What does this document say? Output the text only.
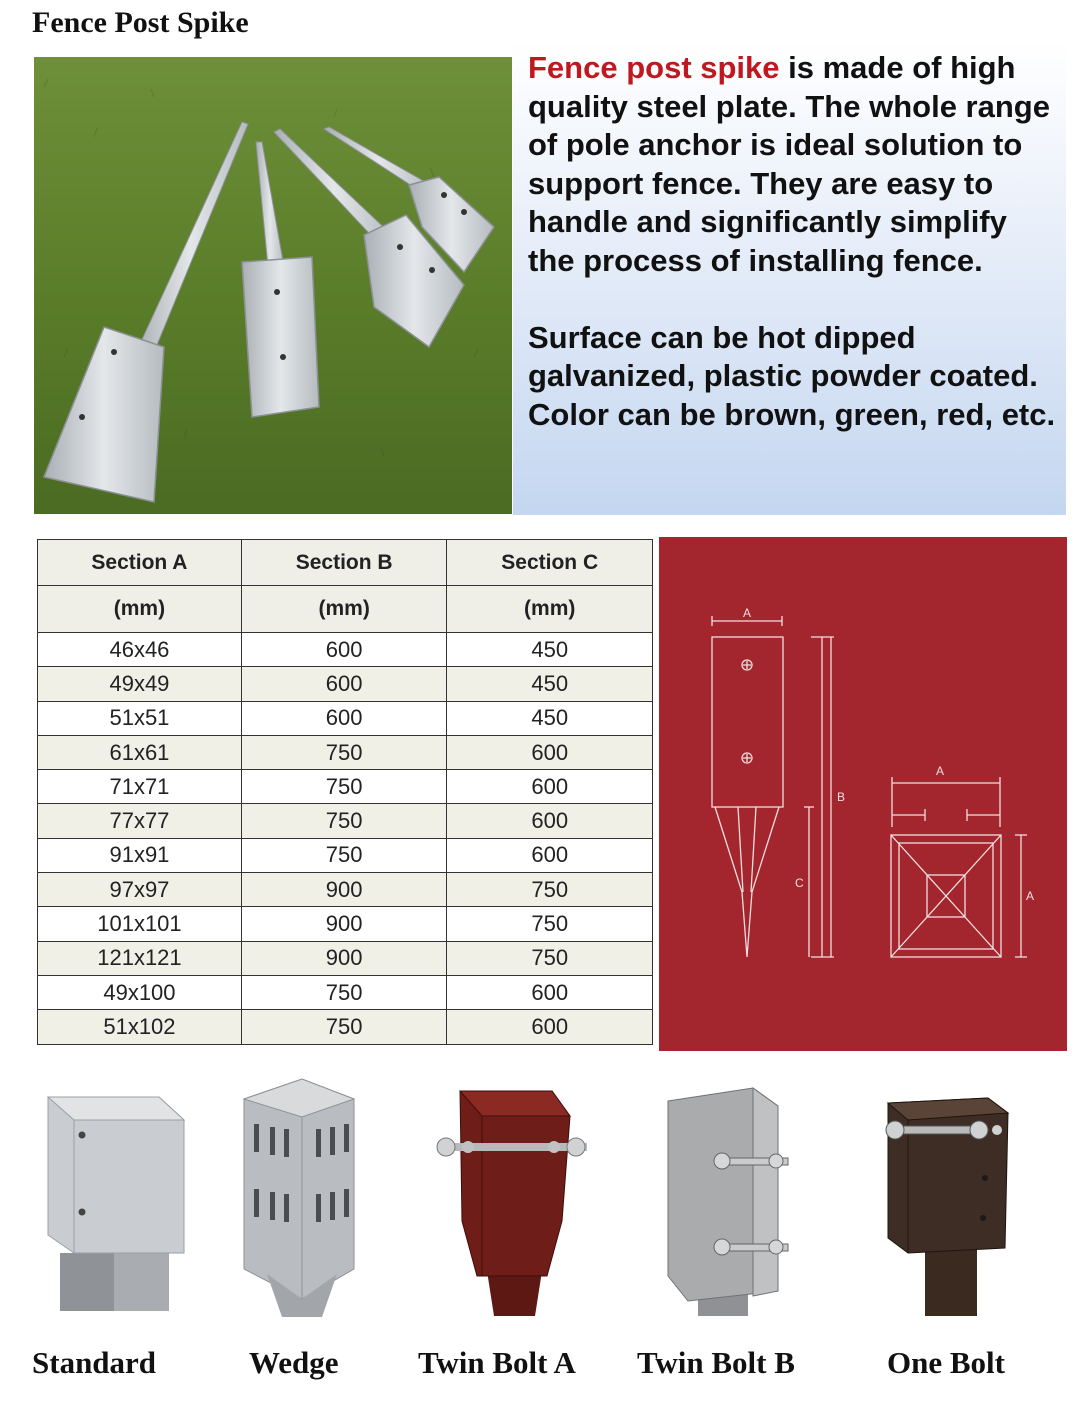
Fence Post Spike

Fence post spike is made of high quality steel plate. The whole range of pole anchor is ideal solution to support fence. They are easy to handle and significantly simplify the process of installing fence.

Surface can be hot dipped galvanized, plastic powder coated. Color can be brown, green, red, etc.

Section A	Section B	Section C
(mm)	(mm)	(mm)
46x46	600	450
49x49	600	450
51x51	600	450
61x61	750	600
71x71	750	600
77x77	750	600
91x91	750	600
97x97	900	750
101x101	900	750
121x121	900	750
49x100	750	600
51x102	750	600
A
B
C
A
A
Standard	Wedge	Twin Bolt A Twin Bolt B	One Bolt
